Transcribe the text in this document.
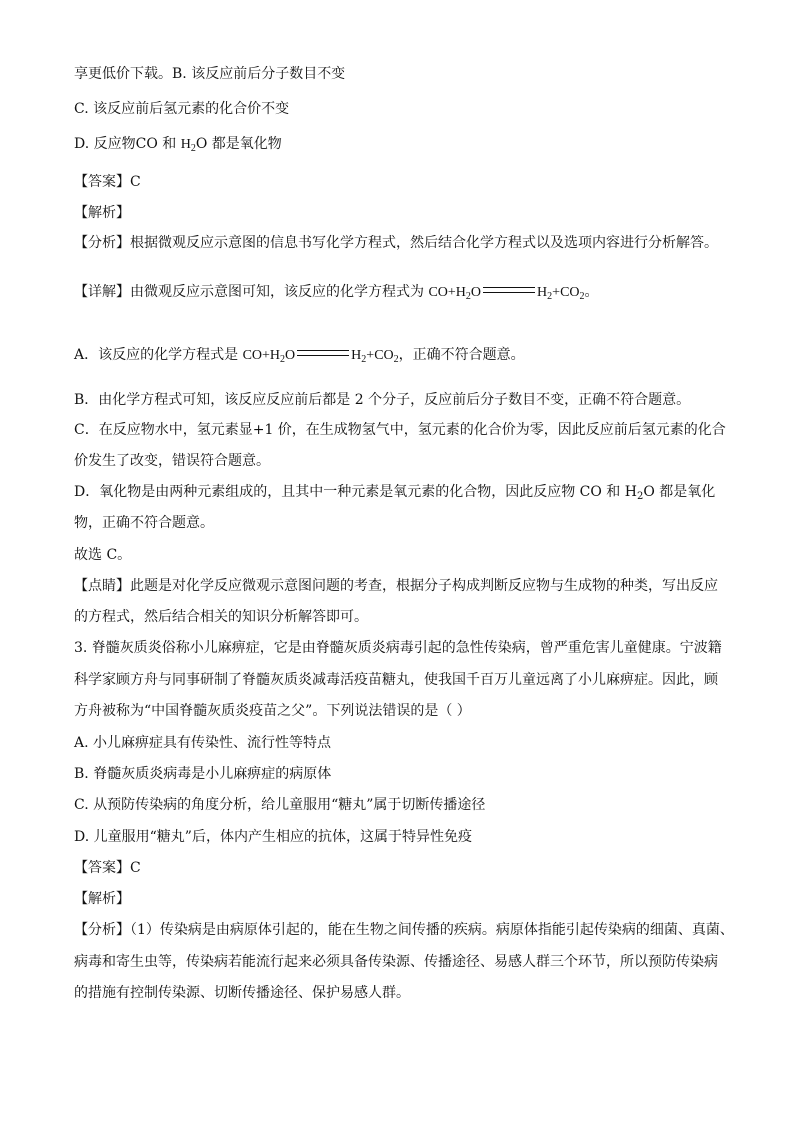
享更低价下载。B. 该反应前后分子数目不变
C. 该反应前后氢元素的化合价不变
D. 反应物CO 和 $H_2O$ 都是氧化物
【答案】C
【解析】
【分析】根据微观反应示意图的信息书写化学方程式，然后结合化学方程式以及选项内容进行分析解答。
【详解】由微观反应示意图可知，该反应的化学方程式为 $CO+H_2O$	$H_2+CO_2$。
A．该反应的化学方程式是 $CO+H_2O$	$H_2+CO_2$，正确不符合题意。
B．由化学方程式可知，该反应反应前后都是 2 个分子，反应前后分子数目不变，正确不符合题意。
C．在反应物水中，氢元素显+1 价，在生成物氢气中，氢元素的化合价为零，因此反应前后氢元素的化合
价发生了改变，错误符合题意。
D．氧化物是由两种元素组成的，且其中一种元素是氧元素的化合物，因此反应物 CO 和 $H_2O$ 都是氧化
物，正确不符合题意。
故选 C。
【点睛】此题是对化学反应微观示意图问题的考查，根据分子构成判断反应物与生成物的种类，写出反应
的方程式，然后结合相关的知识分析解答即可。
3. 脊髓灰质炎俗称小儿麻痹症，它是由脊髓灰质炎病毒引起的急性传染病，曾严重危害儿童健康。宁波籍
科学家顾方舟与同事研制了脊髓灰质炎减毒活疫苗糖丸，使我国千百万儿童远离了小儿麻痹症。因此，顾
方舟被称为“中国脊髓灰质炎疫苗之父”。下列说法错误的是（ ）
A. 小儿麻痹症具有传染性、流行性等特点
B. 脊髓灰质炎病毒是小儿麻痹症的病原体
C. 从预防传染病的角度分析，给儿童服用“糖丸”属于切断传播途径
D. 儿童服用“糖丸”后，体内产生相应的抗体，这属于特异性免疫
【答案】C
【解析】
【分析】（1）传染病是由病原体引起的，能在生物之间传播的疾病。病原体指能引起传染病的细菌、真菌、
病毒和寄生虫等，传染病若能流行起来必须具备传染源、传播途径、易感人群三个环节，所以预防传染病
的措施有控制传染源、切断传播途径、保护易感人群。
